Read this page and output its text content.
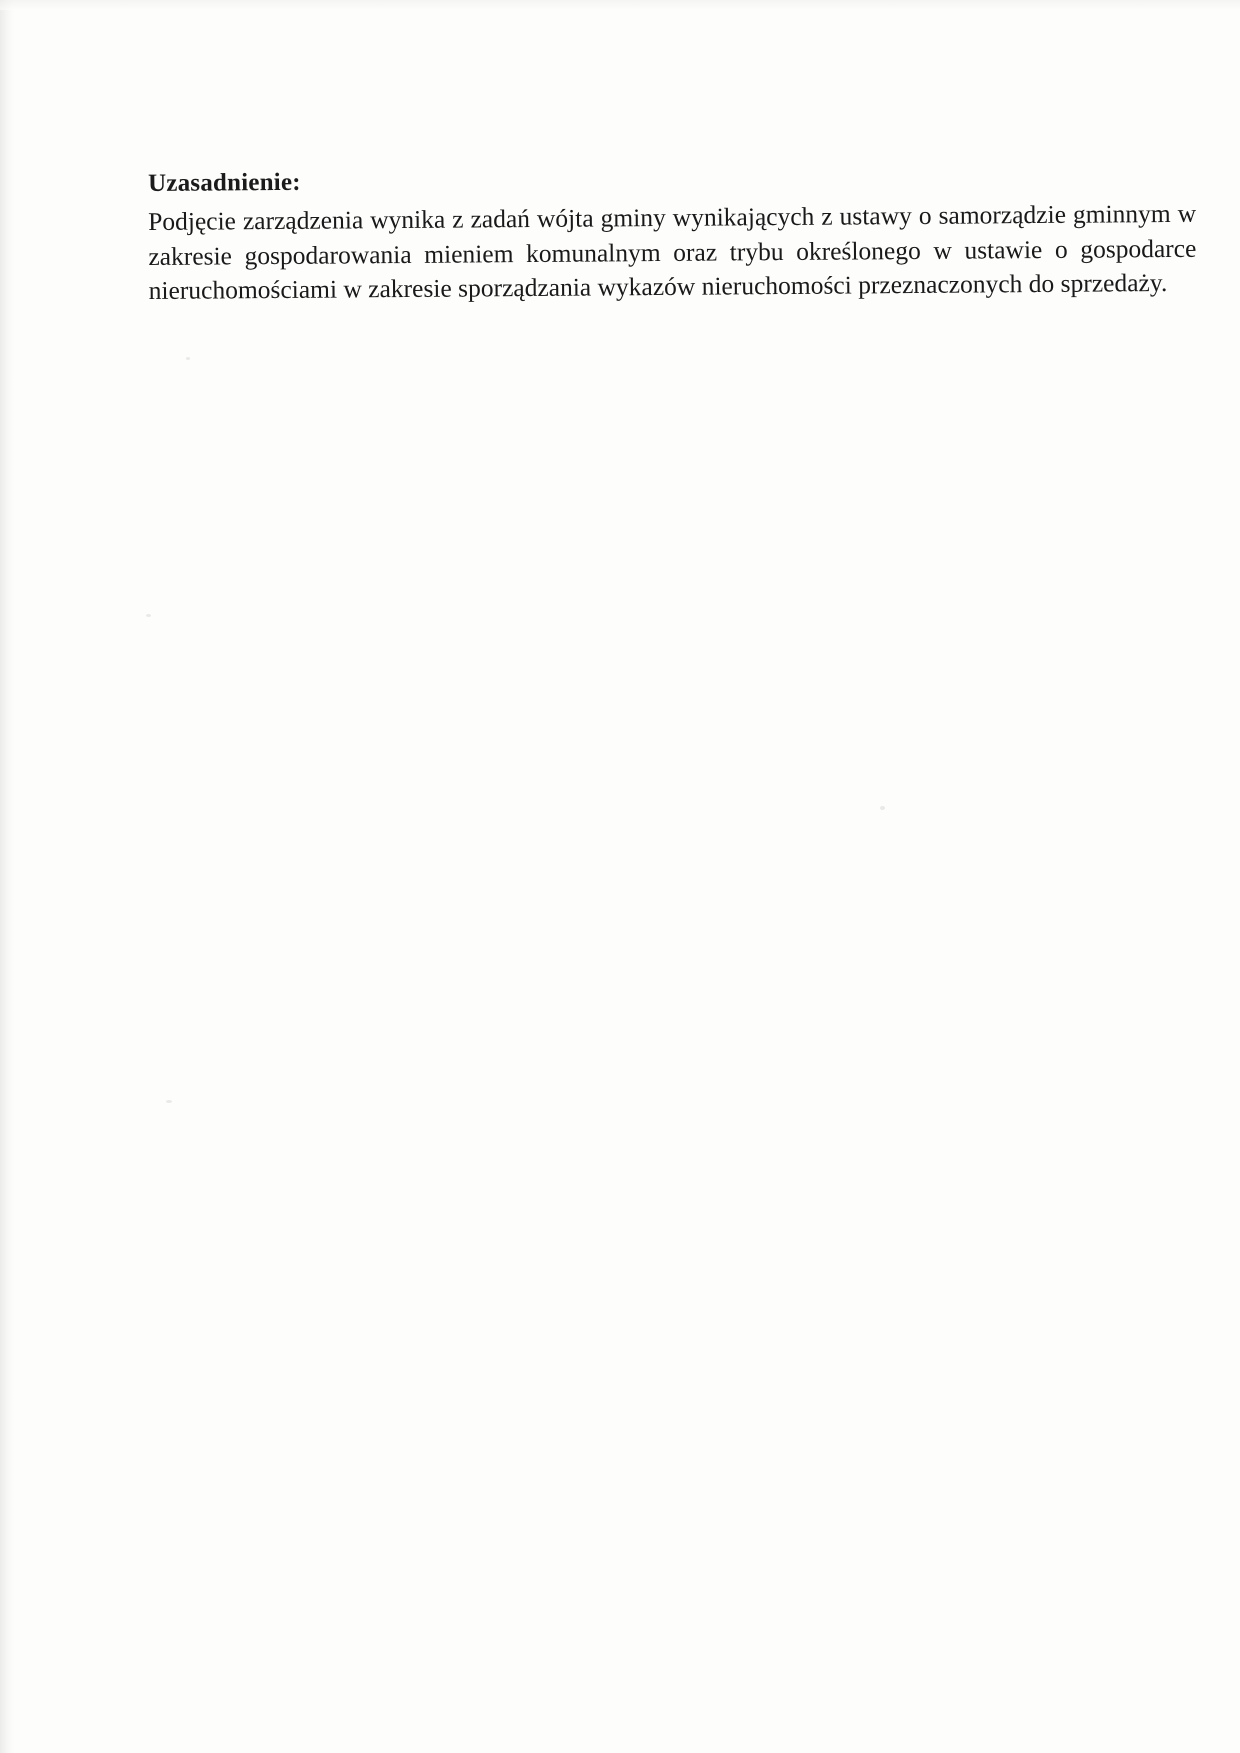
Uzasadnienie:

Podjęcie zarządzenia wynika z zadań wójta gminy wynikających z ustawy o samorządzie gminnym w zakresie gospodarowania mieniem komunalnym oraz trybu określonego w ustawie o gospodarce nieruchomościami w zakresie sporządzania wykazów nieruchomości przeznaczonych do sprzedaży.
